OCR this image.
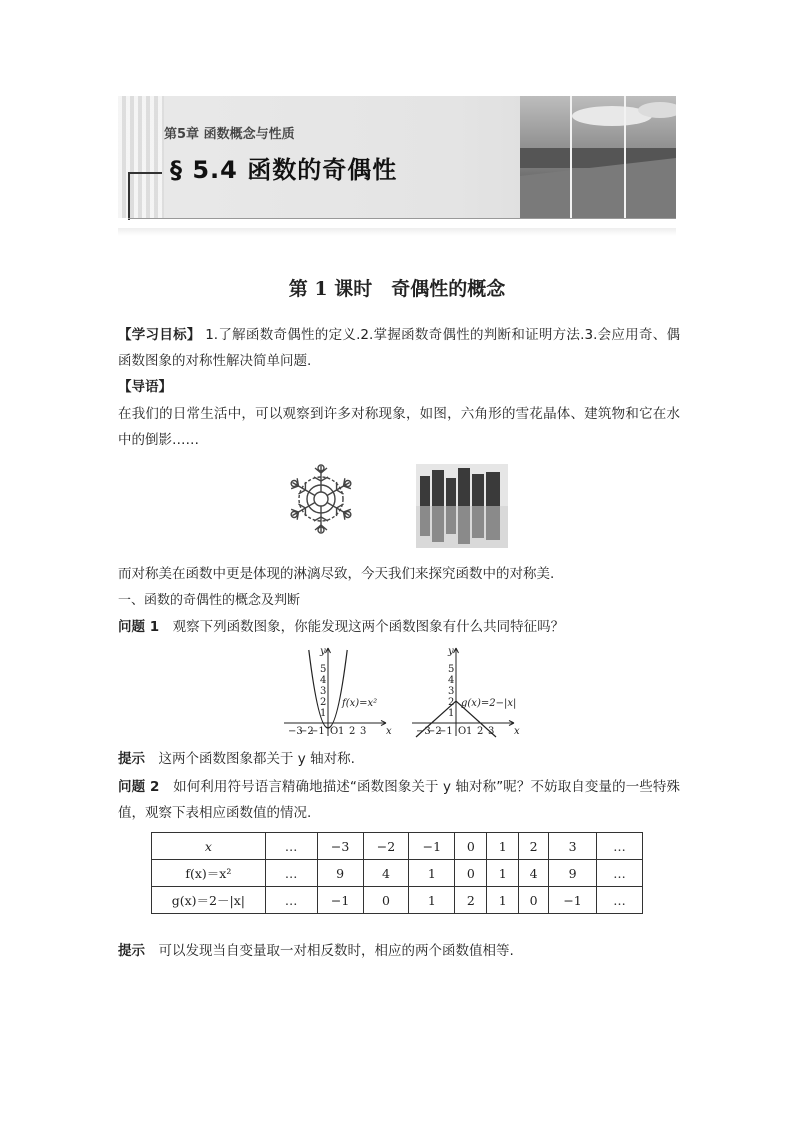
第5章 函数概念与性质
§ 5.4 函数的奇偶性
第 1 课时　奇偶性的概念
【学习目标】 1.了解函数奇偶性的定义.2.掌握函数奇偶性的判断和证明方法.3.会应用奇、偶函数图象的对称性解决简单问题.
【导语】
在我们的日常生活中，可以观察到许多对称现象，如图，六角形的雪花晶体、建筑物和它在水中的倒影……
而对称美在函数中更是体现的淋漓尽致，今天我们来探究函数中的对称美.
一、函数的奇偶性的概念及判断
问题 1　 观察下列函数图象，你能发现这两个函数图象有什么共同特征吗？
y
x
O
1
2
3
4
5
−3
−2
−1 1 2 3
f(x)=x²
y
x
O
1
2
3
4
5
−3
−2
−1 1 2 3
g(x)=2−|x|
提示　 这两个函数图象都关于 y 轴对称.
问题 2　 如何利用符号语言精确地描述“函数图象关于 y 轴对称”呢？不妨取自变量的一些特殊值，观察下表相应函数值的情况.
x	…	−3	−2	−1	0	1	2	3	…
f(x)＝x²	…	9	4	1	0	1	4	9	…
g(x)＝2－|x|	…	−1	0	1	2	1	0	−1	…
提示　 可以发现当自变量取一对相反数时，相应的两个函数值相等.
